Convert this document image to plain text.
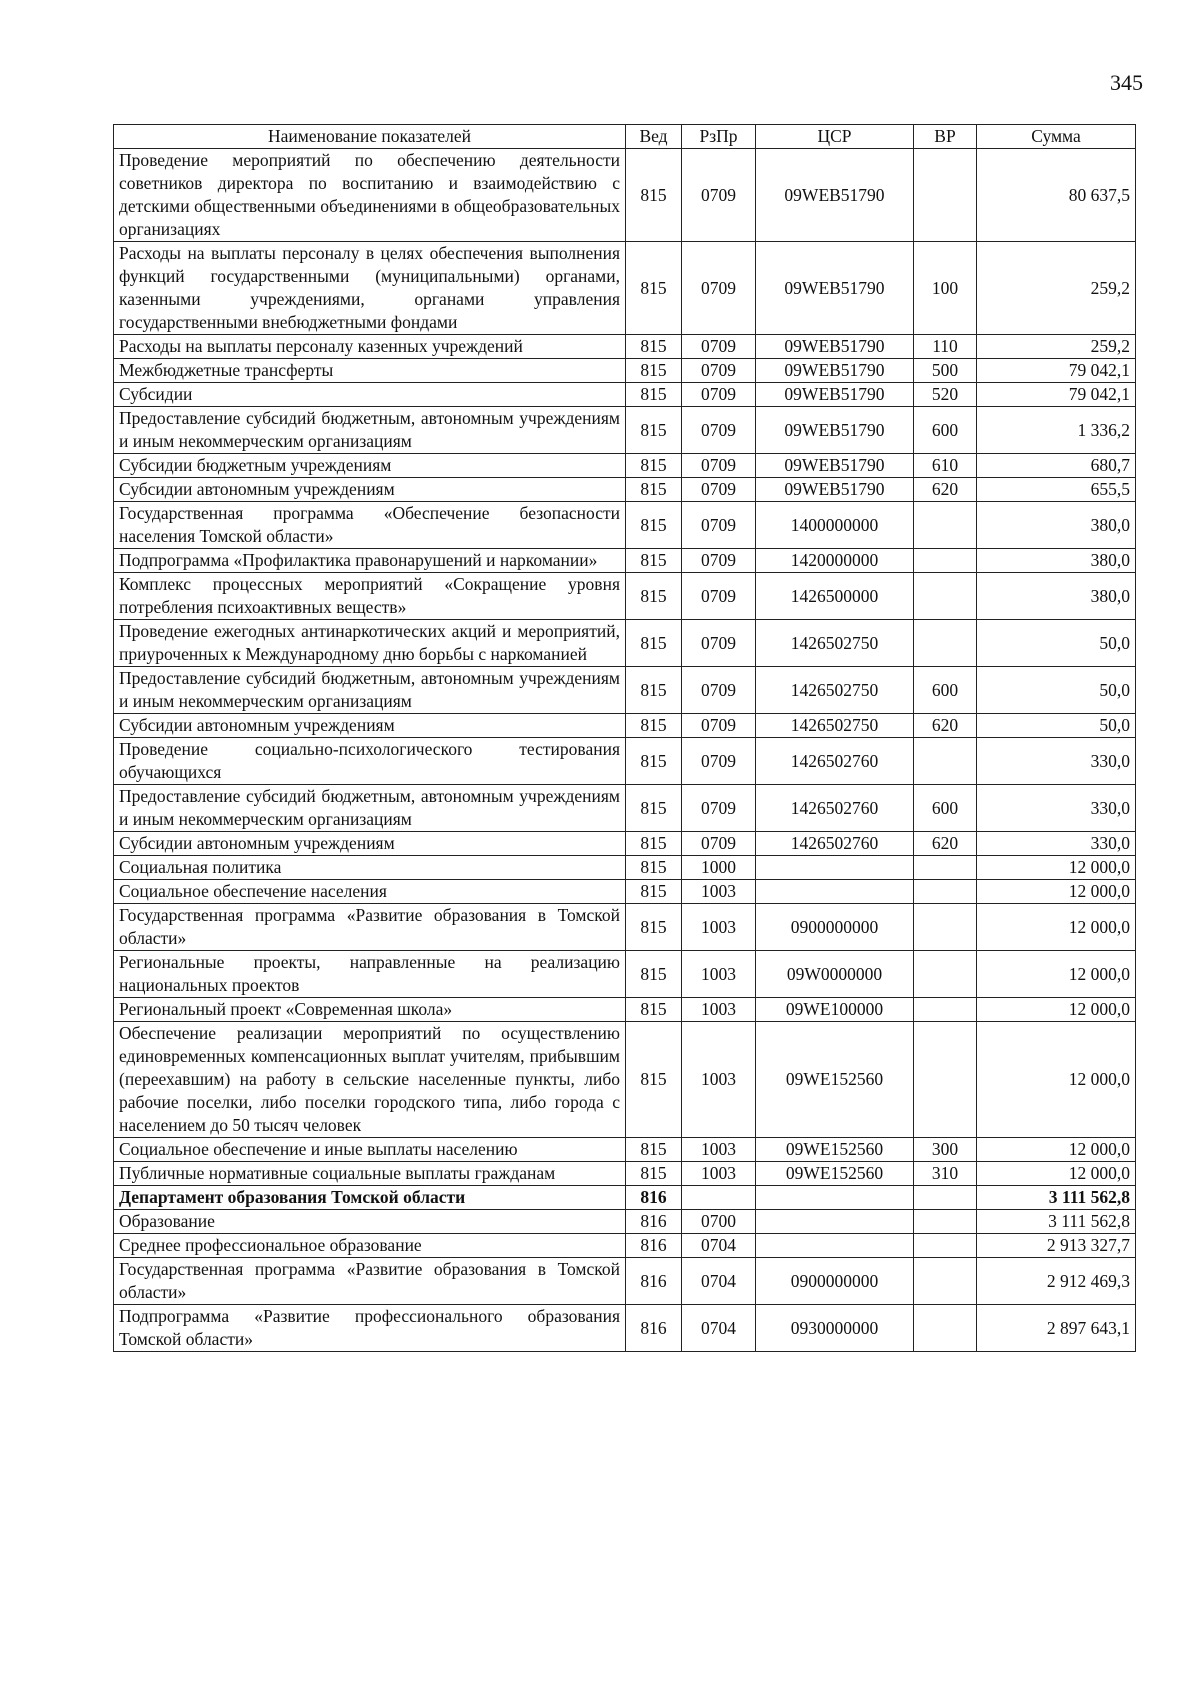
345
Наименование показателей	Вед	РзПр	ЦСР	ВР	Сумма
Проведение мероприятий по обеспечению деятельности советников директора по воспитанию и взаимодействию с детскими общественными объединениями в общеобразовательных организациях	815	0709	09WEB51790		80 637,5
Расходы на выплаты персоналу в целях обеспечения выполнения функций государственными (муниципальными) органами, казенными учреждениями, органами управления государственными внебюджетными фондами	815	0709	09WEB51790	100	259,2
Расходы на выплаты персоналу казенных учреждений	815	0709	09WEB51790	110	259,2
Межбюджетные трансферты	815	0709	09WEB51790	500	79 042,1
Субсидии	815	0709	09WEB51790	520	79 042,1
Предоставление субсидий бюджетным, автономным учреждениям и иным некоммерческим организациям	815	0709	09WEB51790	600	1 336,2
Субсидии бюджетным учреждениям	815	0709	09WEB51790	610	680,7
Субсидии автономным учреждениям	815	0709	09WEB51790	620	655,5
Государственная программа «Обеспечение безопасности населения Томской области»	815	0709	1400000000		380,0
Подпрограмма «Профилактика правонарушений и наркомании»	815	0709	1420000000		380,0
Комплекс процессных мероприятий «Сокращение уровня потребления психоактивных веществ»	815	0709	1426500000		380,0
Проведение ежегодных антинаркотических акций и мероприятий, приуроченных к Международному дню борьбы с наркоманией	815	0709	1426502750		50,0
Предоставление субсидий бюджетным, автономным учреждениям и иным некоммерческим организациям	815	0709	1426502750	600	50,0
Субсидии автономным учреждениям	815	0709	1426502750	620	50,0
Проведение социально-психологического тестирования обучающихся	815	0709	1426502760		330,0
Предоставление субсидий бюджетным, автономным учреждениям и иным некоммерческим организациям	815	0709	1426502760	600	330,0
Субсидии автономным учреждениям	815	0709	1426502760	620	330,0
Социальная политика	815	1000			12 000,0
Социальное обеспечение населения	815	1003			12 000,0
Государственная программа «Развитие образования в Томской области»	815	1003	0900000000		12 000,0
Региональные проекты, направленные на реализацию национальных проектов	815	1003	09W0000000		12 000,0
Региональный проект «Современная школа»	815	1003	09WE100000		12 000,0
Обеспечение реализации мероприятий по осуществлению единовременных компенсационных выплат учителям, прибывшим (переехавшим) на работу в сельские населенные пункты, либо рабочие поселки, либо поселки городского типа, либо города с населением до 50 тысяч человек	815	1003	09WE152560		12 000,0
Социальное обеспечение и иные выплаты населению	815	1003	09WE152560	300	12 000,0
Публичные нормативные социальные выплаты гражданам	815	1003	09WE152560	310	12 000,0
Департамент образования Томской области	816				3 111 562,8
Образование	816	0700			3 111 562,8
Среднее профессиональное образование	816	0704			2 913 327,7
Государственная программа «Развитие образования в Томской области»	816	0704	0900000000		2 912 469,3
Подпрограмма «Развитие профессионального образования Томской области»	816	0704	0930000000		2 897 643,1
